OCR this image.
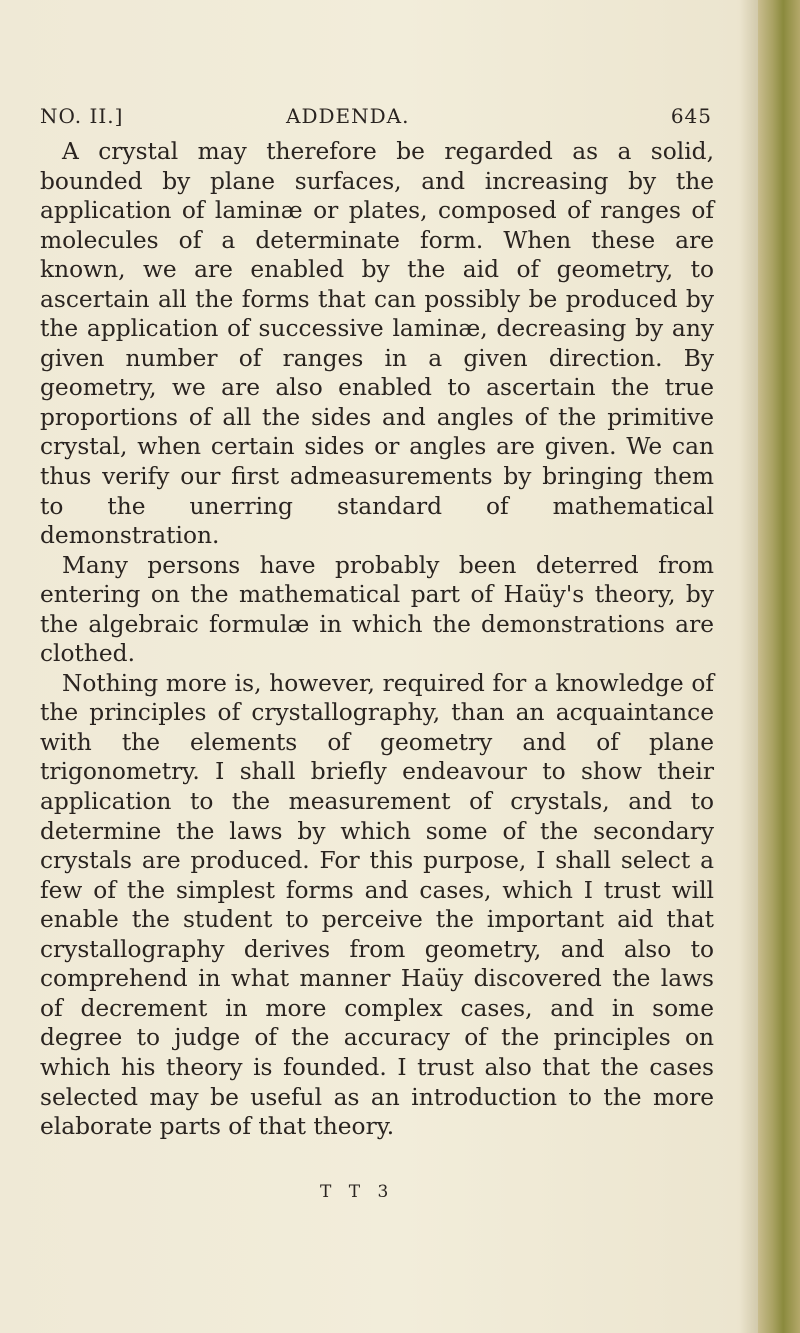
NO. II.]	ADDENDA.	645

A crystal may therefore be regarded as a solid, bounded by plane surfaces, and increasing by the application of laminæ or plates, composed of ranges of molecules of a determinate form. When these are known, we are enabled by the aid of geometry, to ascertain all the forms that can possibly be produced by the application of successive laminæ, decreasing by any given number of ranges in a given direction. By geometry, we are also enabled to ascertain the true proportions of all the sides and angles of the primitive crystal, when certain sides or angles are given. We can thus verify our first admeasurements by bringing them to the unerring standard of mathematical demonstration.

Many persons have probably been deterred from entering on the mathematical part of Haüy's theory, by the algebraic formulæ in which the demonstrations are clothed.

Nothing more is, however, required for a knowledge of the principles of crystallography, than an acquaintance with the elements of geometry and of plane trigonometry. I shall briefly endeavour to show their application to the measurement of crystals, and to determine the laws by which some of the secondary crystals are produced. For this purpose, I shall select a few of the simplest forms and cases, which I trust will enable the student to perceive the important aid that crystallography derives from geometry, and also to comprehend in what manner Haüy discovered the laws of decrement in more complex cases, and in some degree to judge of the accuracy of the principles on which his theory is founded. I trust also that the cases selected may be useful as an introduction to the more elaborate parts of that theory.

T T 3
